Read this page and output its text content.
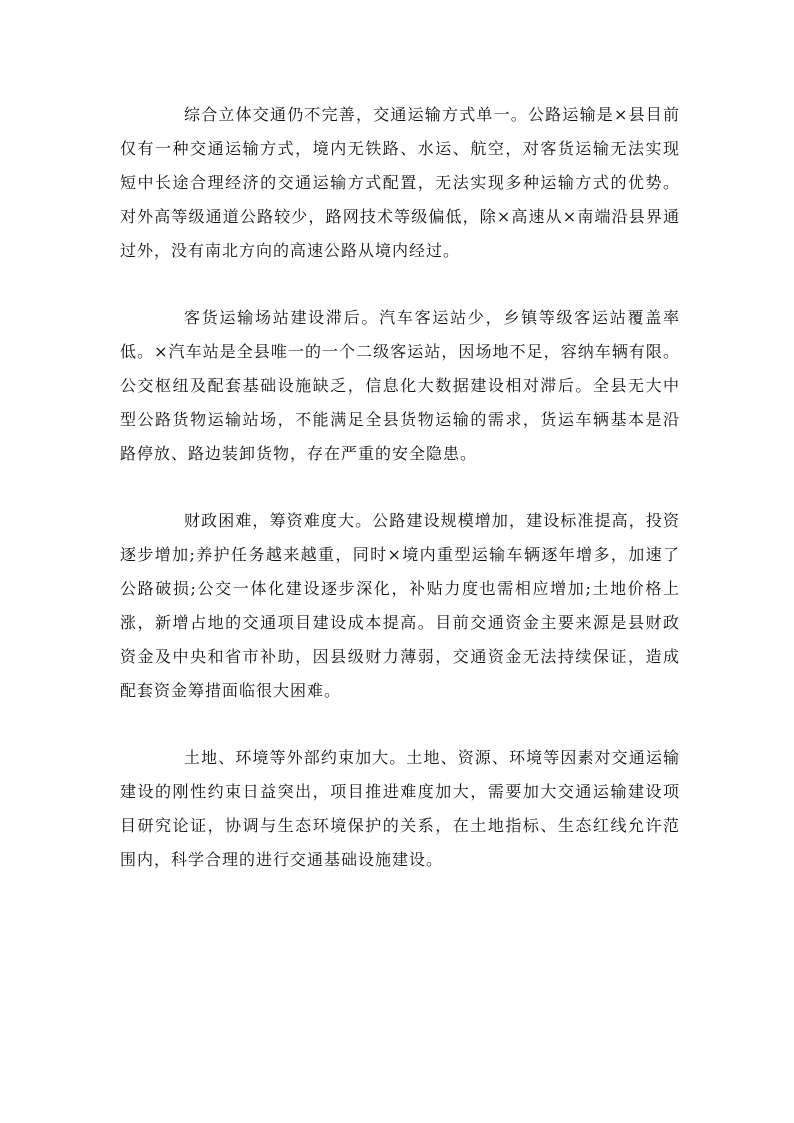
综合立体交通仍不完善，交通运输方式单一。公路运输是×县目前仅有一种交通运输方式，境内无铁路、水运、航空，对客货运输无法实现短中长途合理经济的交通运输方式配置，无法实现多种运输方式的优势。对外高等级通道公路较少，路网技术等级偏低，除×高速从×南端沿县界通过外，没有南北方向的高速公路从境内经过。

客货运输场站建设滞后。汽车客运站少，乡镇等级客运站覆盖率低。×汽车站是全县唯一的一个二级客运站，因场地不足，容纳车辆有限。公交枢纽及配套基础设施缺乏，信息化大数据建设相对滞后。全县无大中型公路货物运输站场，不能满足全县货物运输的需求，货运车辆基本是沿路停放、路边装卸货物，存在严重的安全隐患。

财政困难，筹资难度大。公路建设规模增加，建设标准提高，投资逐步增加;养护任务越来越重，同时×境内重型运输车辆逐年增多，加速了公路破损;公交一体化建设逐步深化，补贴力度也需相应增加;土地价格上涨，新增占地的交通项目建设成本提高。目前交通资金主要来源是县财政资金及中央和省市补助，因县级财力薄弱，交通资金无法持续保证，造成配套资金筹措面临很大困难。

土地、环境等外部约束加大。土地、资源、环境等因素对交通运输建设的刚性约束日益突出，项目推进难度加大，需要加大交通运输建设项目研究论证，协调与生态环境保护的关系，在土地指标、生态红线允许范围内，科学合理的进行交通基础设施建设。
